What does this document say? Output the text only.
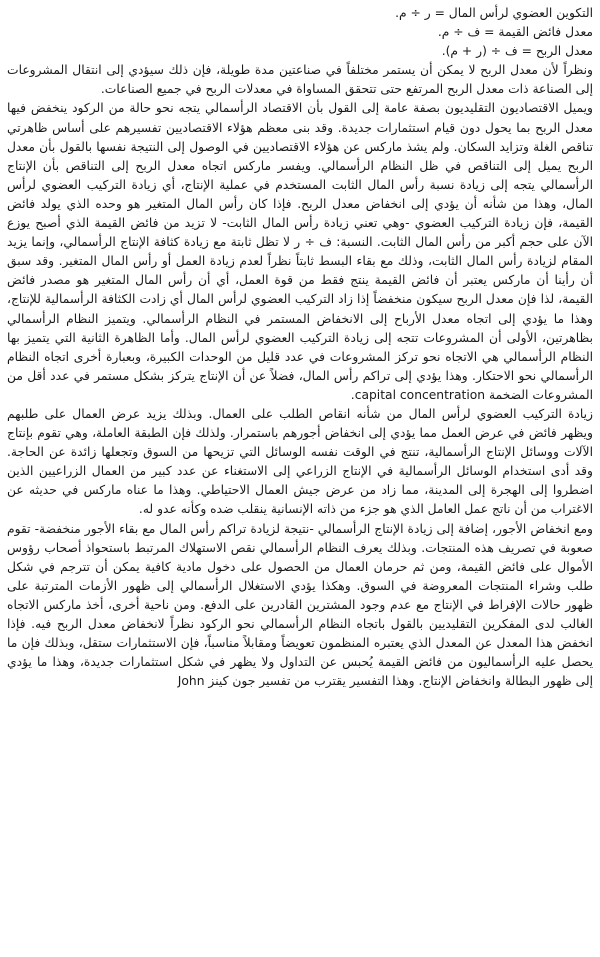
التكوين العضوي لرأس المال = ر ÷ م.

معدل فائض القيمة = ف ÷ م.

معدل الربح = ف ÷ (ر + م).

ونظراً لأن معدل الربح لا يمكن أن يستمر مختلفاً في صناعتين مدة طويلة، فإن ذلك سيؤدي إلى انتقال المشروعات إلى الصناعة ذات معدل الربح المرتفع حتى تتحقق المساواة في معدلات الربح في جميع الصناعات.

ويميل الاقتصاديون التقليديون بصفة عامة إلى القول بأن الاقتصاد الرأسمالي يتجه نحو حالة من الركود ينخفض فيها معدل الربح بما يحول دون قيام استثمارات جديدة. وقد بنى معظم هؤلاء الاقتصاديين تفسيرهم على أساس ظاهرتي تناقص الغلة وتزايد السكان. ولم يشذ ماركس عن هؤلاء الاقتصاديين في الوصول إلى النتيجة نفسها بالقول بأن معدل الربح يميل إلى التناقص في ظل النظام الرأسمالي. ويفسر ماركس اتجاه معدل الربح إلى التناقص بأن الإنتاج الرأسمالي يتجه إلى زيادة نسبة رأس المال الثابت المستخدم في عملية الإنتاج، أي زيادة التركيب العضوي لرأس المال، وهذا من شأنه أن يؤدي إلى انخفاض معدل الربح. فإذا كان رأس المال المتغير هو وحده الذي يولد فائض القيمة، فإن زيادة التركيب العضوي -وهي تعني زيادة رأس المال الثابت- لا تزيد من فائض القيمة الذي أصبح يوزع الآن على حجم أكبر من رأس المال الثابت. النسبة: ف ÷ ر لا تظل ثابتة مع زيادة كثافة الإنتاج الرأسمالي، وإنما يزيد المقام لزيادة رأس المال الثابت، وذلك مع بقاء البسط ثابتاً نظراً لعدم زيادة العمل أو رأس المال المتغير. وقد سبق أن رأينا أن ماركس يعتبر أن فائض القيمة ينتج فقط من قوة العمل، أي أن رأس المال المتغير هو مصدر فائض القيمة، لذا فإن معدل الربح سيكون منخفضاً إذا زاد التركيب العضوي لرأس المال أي زادت الكثافة الرأسمالية للإنتاج، وهذا ما يؤدي إلى اتجاه معدل الأرباح إلى الانخفاض المستمر في النظام الرأسمالي. ويتميز النظام الرأسمالي بظاهرتين، الأولى أن المشروعات تتجه إلى زيادة التركيب العضوي لرأس المال. وأما الظاهرة الثانية التي يتميز بها النظام الرأسمالي هي الاتجاه نحو تركز المشروعات في عدد قليل من الوحدات الكبيرة، وبعبارة أخرى اتجاه النظام الرأسمالي نحو الاحتكار. وهذا يؤدي إلى تراكم رأس المال، فضلاً عن أن الإنتاج يتركز بشكل مستمر في عدد أقل من المشروعات الضخمة capital concentration.

زيادة التركيب العضوي لرأس المال من شأنه انقاص الطلب على العمال. وبذلك يزيد عرض العمال على طلبهم ويظهر فائض في عرض العمل مما يؤدي إلى انخفاض أجورهم باستمرار. ولذلك فإن الطبقة العاملة، وهي تقوم بإنتاج الآلات ووسائل الإنتاج الرأسمالية، تنتج في الوقت نفسه الوسائل التي تزيحها من السوق وتجعلها زائدة عن الحاجة. وقد أدى استخدام الوسائل الرأسمالية في الإنتاج الزراعي إلى الاستغناء عن عدد كبير من العمال الزراعيين الذين اضطروا إلى الهجرة إلى المدينة، مما زاد من عرض جيش العمال الاحتياطي. وهذا ما عناه ماركس في حديثه عن الاغتراب من أن ناتج عمل العامل الذي هو جزء من ذاته الإنسانية ينقلب ضده وكأنه عدو له.

ومع انخفاض الأجور، إضافة إلى زيادة الإنتاج الرأسمالي -نتيجة لزيادة تراكم رأس المال مع بقاء الأجور منخفضة- تقوم صعوبة في تصريف هذه المنتجات. وبذلك يعرف النظام الرأسمالي نقص الاستهلاك المرتبط باستحواذ أصحاب رؤوس الأموال على فائض القيمة، ومن ثم حرمان العمال من الحصول على دخول مادية كافية يمكن أن تترجم في شكل طلب وشراء المنتجات المعروضة في السوق. وهكذا يؤدي الاستغلال الرأسمالي إلى ظهور الأزمات المترتبة على ظهور حالات الإفراط في الإنتاج مع عدم وجود المشترين القادرين على الدفع. ومن ناحية أخرى، أخذ ماركس الاتجاه الغالب لدى المفكرين التقليديين بالقول باتجاه النظام الرأسمالي نحو الركود نظراً لانخفاض معدل الربح فيه. فإذا انخفض هذا المعدل عن المعدل الذي يعتبره المنظمون تعويضاً ومقابلاً مناسباً، فإن الاستثمارات ستقل، وبذلك فإن ما يحصل عليه الرأسماليون من فائض القيمة يُحبس عن التداول ولا يظهر في شكل استثمارات جديدة، وهذا ما يؤدي إلى ظهور البطالة وانخفاض الإنتاج. وهذا التفسير يقترب من تفسير جون كينز John
